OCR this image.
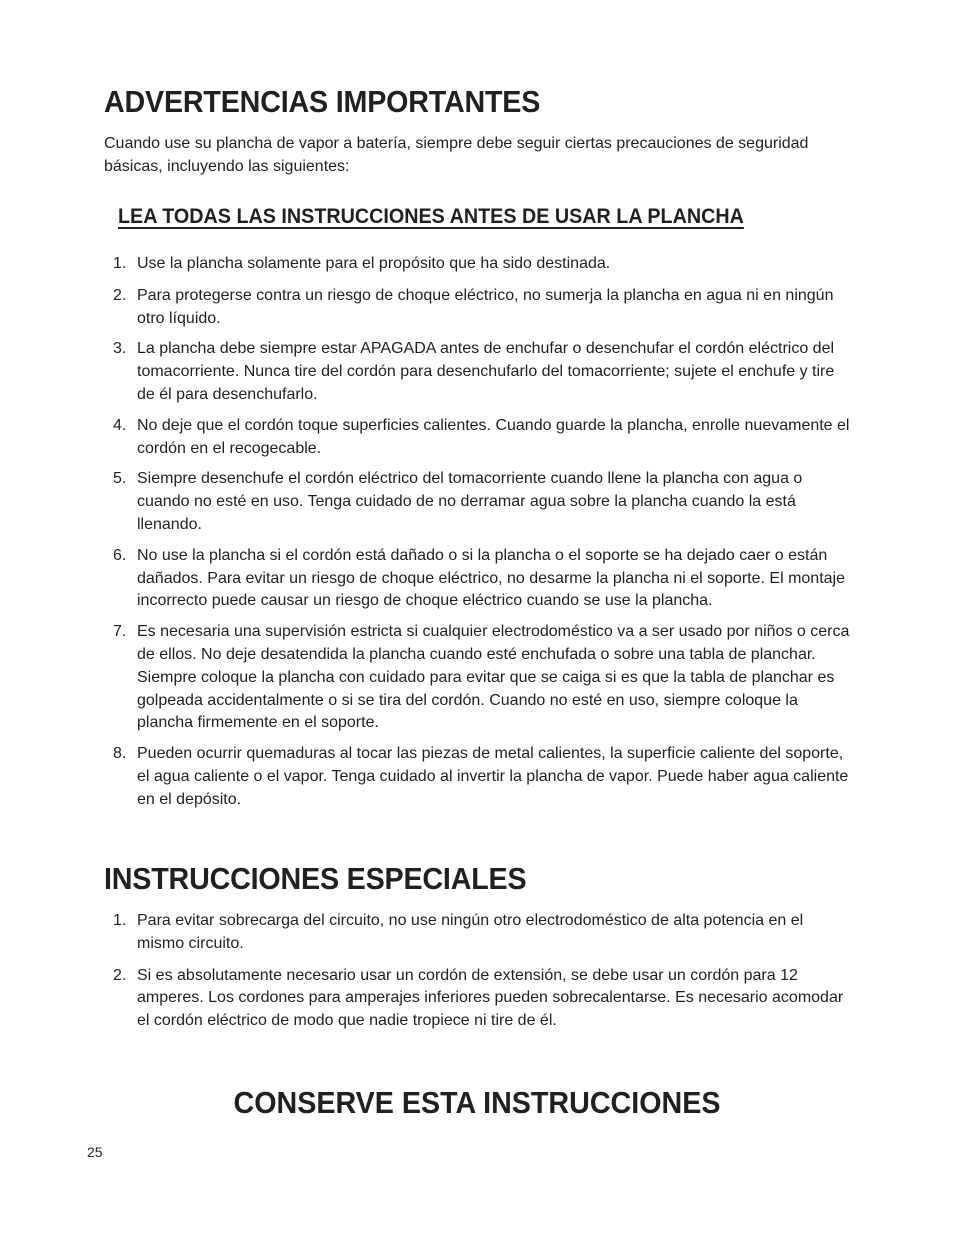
ADVERTENCIAS IMPORTANTES

Cuando use su plancha de vapor a batería, siempre debe seguir ciertas precauciones de seguridad básicas, incluyendo las siguientes:

LEA TODAS LAS INSTRUCCIONES ANTES DE USAR LA PLANCHA
1. Use la plancha solamente para el propósito que ha sido destinada.
2. Para protegerse contra un riesgo de choque eléctrico, no sumerja la plancha en agua ni en ningún otro líquido.
3. La plancha debe siempre estar APAGADA antes de enchufar o desenchufar el cordón eléctrico del tomacorriente. Nunca tire del cordón para desenchufarlo del tomacorriente; sujete el enchufe y tire de él para desenchufarlo.
4. No deje que el cordón toque superficies calientes. Cuando guarde la plancha, enrolle nuevamente el cordón en el recogecable.
5. Siempre desenchufe el cordón eléctrico del tomacorriente cuando llene la plancha con agua o cuando no esté en uso. Tenga cuidado de no derramar agua sobre la plancha cuando la está llenando.
6. No use la plancha si el cordón está dañado o si la plancha o el soporte se ha dejado caer o están dañados. Para evitar un riesgo de choque eléctrico, no desarme la plancha ni el soporte. El montaje incorrecto puede causar un riesgo de choque eléctrico cuando se use la plancha.
7. Es necesaria una supervisión estricta si cualquier electrodoméstico va a ser usado por niños o cerca de ellos. No deje desatendida la plancha cuando esté enchufada o sobre una tabla de planchar. Siempre coloque la plancha con cuidado para evitar que se caiga si es que la tabla de planchar es golpeada accidentalmente o si se tira del cordón. Cuando no esté en uso, siempre coloque la plancha firmemente en el soporte.
8. Pueden ocurrir quemaduras al tocar las piezas de metal calientes, la superficie caliente del soporte, el agua caliente o el vapor. Tenga cuidado al invertir la plancha de vapor. Puede haber agua caliente en el depósito.
INSTRUCCIONES ESPECIALES
1. Para evitar sobrecarga del circuito, no use ningún otro electrodoméstico de alta potencia en el mismo circuito.
2. Si es absolutamente necesario usar un cordón de extensión, se debe usar un cordón para 12 amperes. Los cordones para amperajes inferiores pueden sobrecalentarse. Es necesario acomodar el cordón eléctrico de modo que nadie tropiece ni tire de él.
CONSERVE ESTA INSTRUCCIONES
25
